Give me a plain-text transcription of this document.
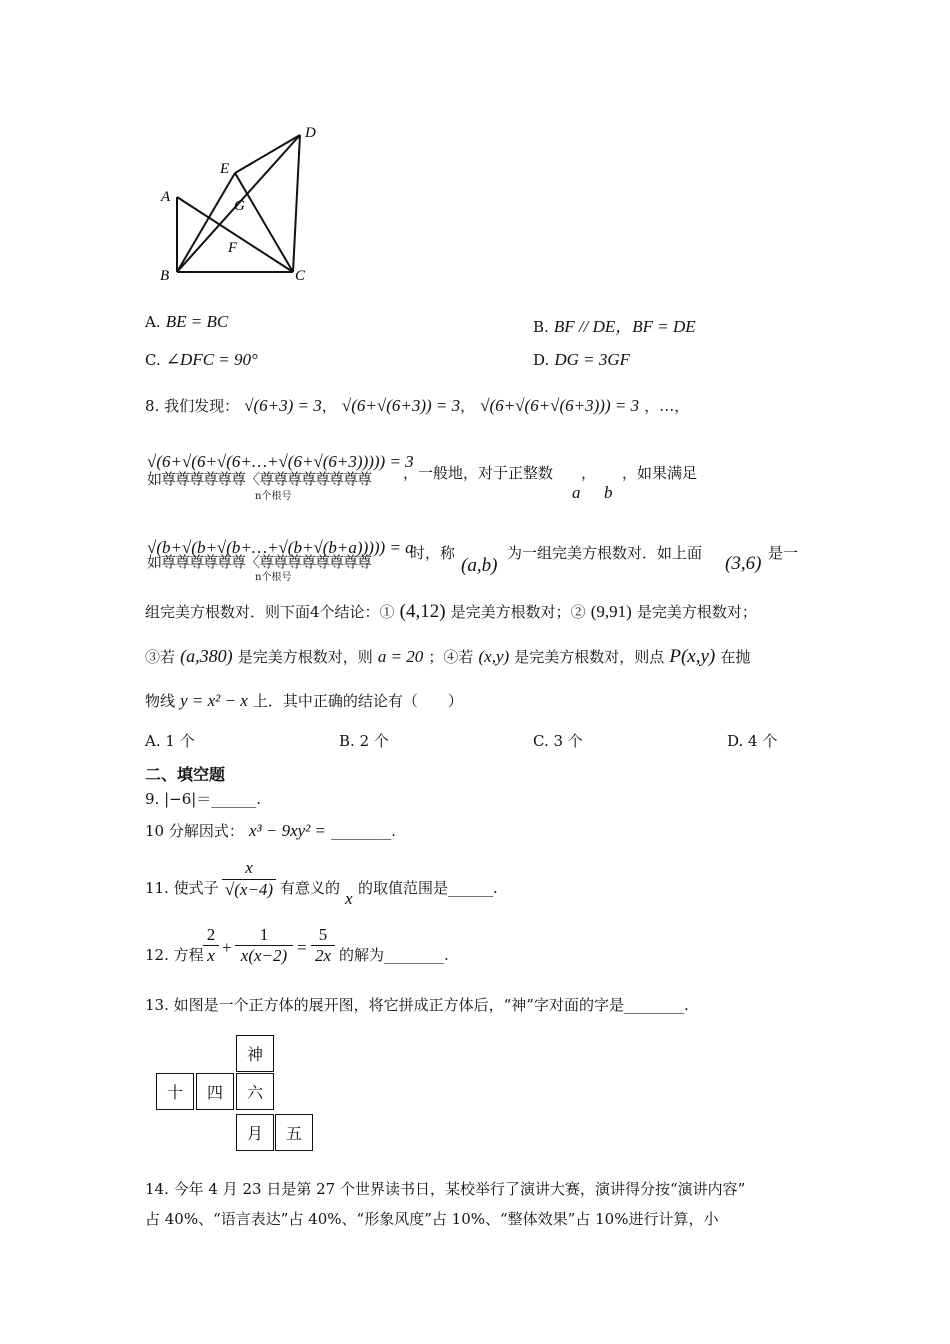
D
E
G
A
F
B	C
A. BE = BC	B. BF // DE，BF = DE
C. ∠DFC = 90°	D. DG = 3GF
8. 我们发现： √(6+3) = 3， √(6+√(6+3)) = 3， √(6+√(6+√(6+3))) = 3 ，…，
√(6+√(6+√(6+…+√(6+√(6+3))))) = 3
如尊尊尊尊尊尊〈尊尊尊尊尊尊尊尊
n个根号
，一般地，对于正整数 ， ，如果满足
a b
√(b+√(b+√(b+…+√(b+√(b+a))))) = a
如尊尊尊尊尊尊〈尊尊尊尊尊尊尊尊
n个根号
时，称
(a,b)
为一组完美方根数对．如上面 (3,6) 是一
组完美方根数对．则下面4个结论：① (4,12) 是完美方根数对；② (9,91) 是完美方根数对；
③若 (a,380) 是完美方根数对，则 a = 20 ；④若 (x,y) 是完美方根数对，则点 P(x,y) 在抛
物线 y = x² − x 上．其中正确的结论有（　　）
A. 1 个	B. 2 个	C. 3 个	D. 4 个
二、填空题
9. |−6|＝______.
10 分解因式： x³ − 9xy² = ________.
11. 使式子
x
√(x−4) 有意义的
x
的取值范围是______.
12. 方程
2
x +
1
x(x−2) =
5
2x 的解为________.
13. 如图是一个正方体的展开图，将它拼成正方体后，“神”字对面的字是________.
神
十	四	六
月	五
14. 今年 4 月 23 日是第 27 个世界读书日，某校举行了演讲大赛，演讲得分按“演讲内容”
占 40%、“语言表达”占 40%、“形象风度”占 10%、“整体效果”占 10%进行计算，小
